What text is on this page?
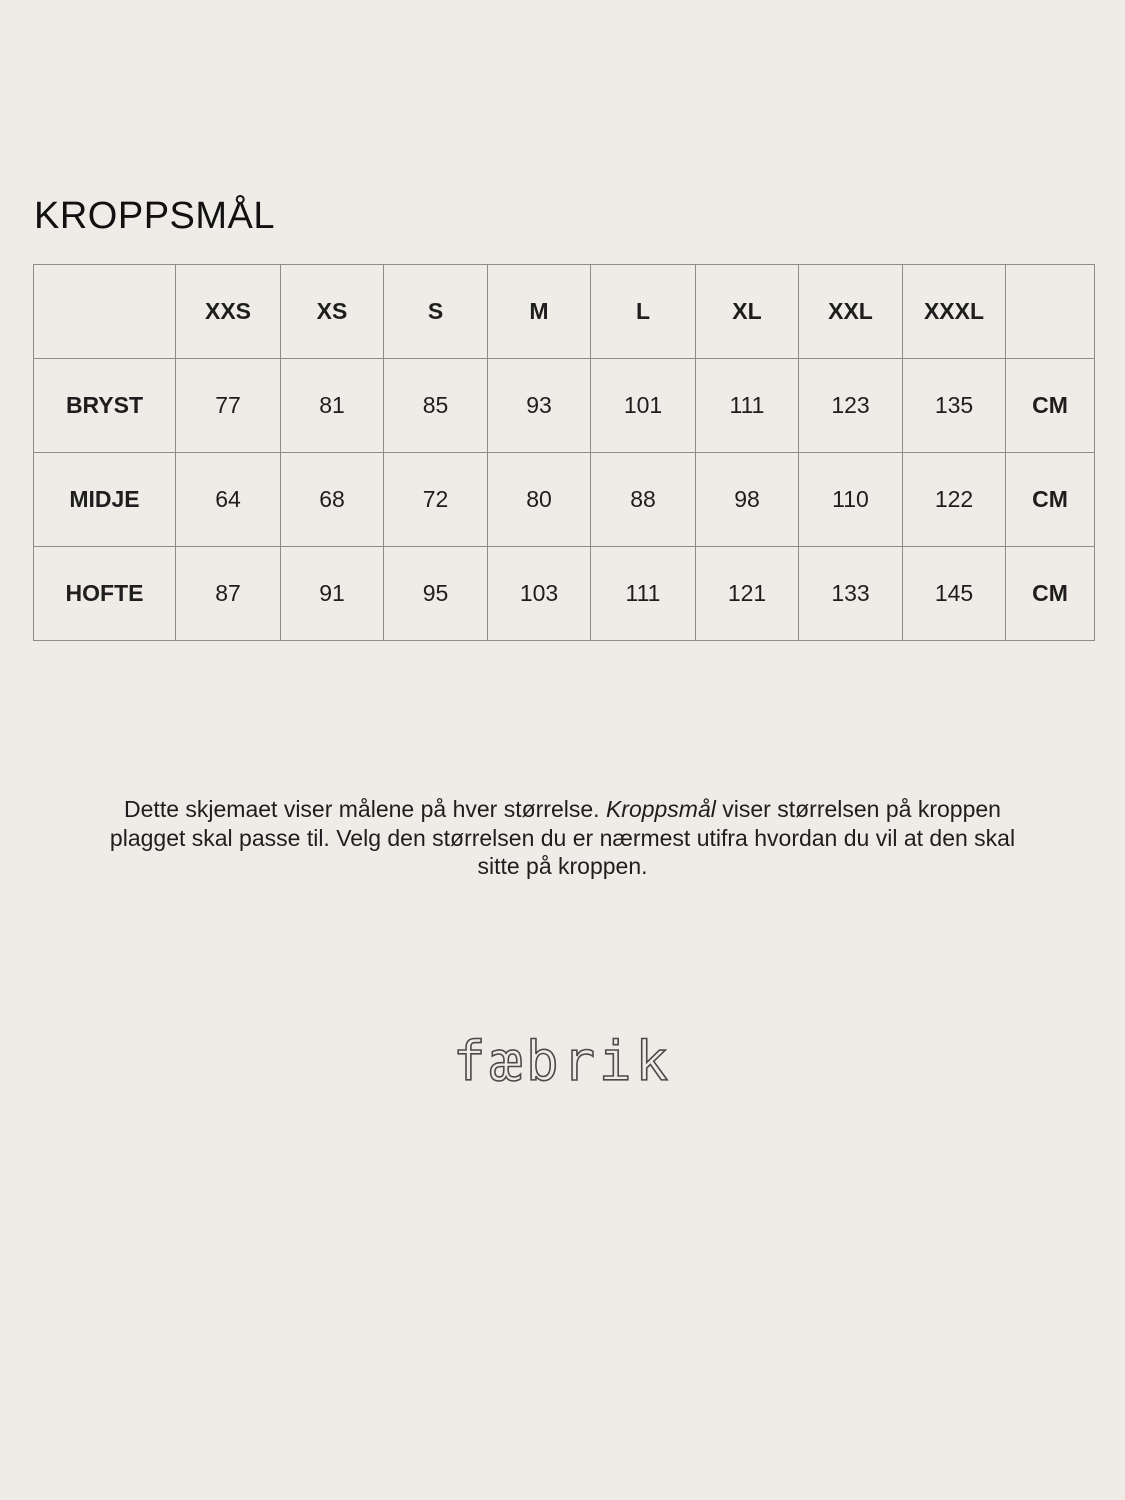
KROPPSMÅL
	XXS	XS	S	M	L	XL	XXL	XXXL	
BRYST	77	81	85	93	101	111	123	135	CM
MIDJE	64	68	72	80	88	98	110	122	CM
HOFTE	87	91	95	103	111	121	133	145	CM

Dette skjemaet viser målene på hver størrelse. Kroppsmål viser størrelsen på kroppen plagget skal passe til. Velg den størrelsen du er nærmest utifra hvordan du vil at den skal sitte på kroppen.

fæbrik
